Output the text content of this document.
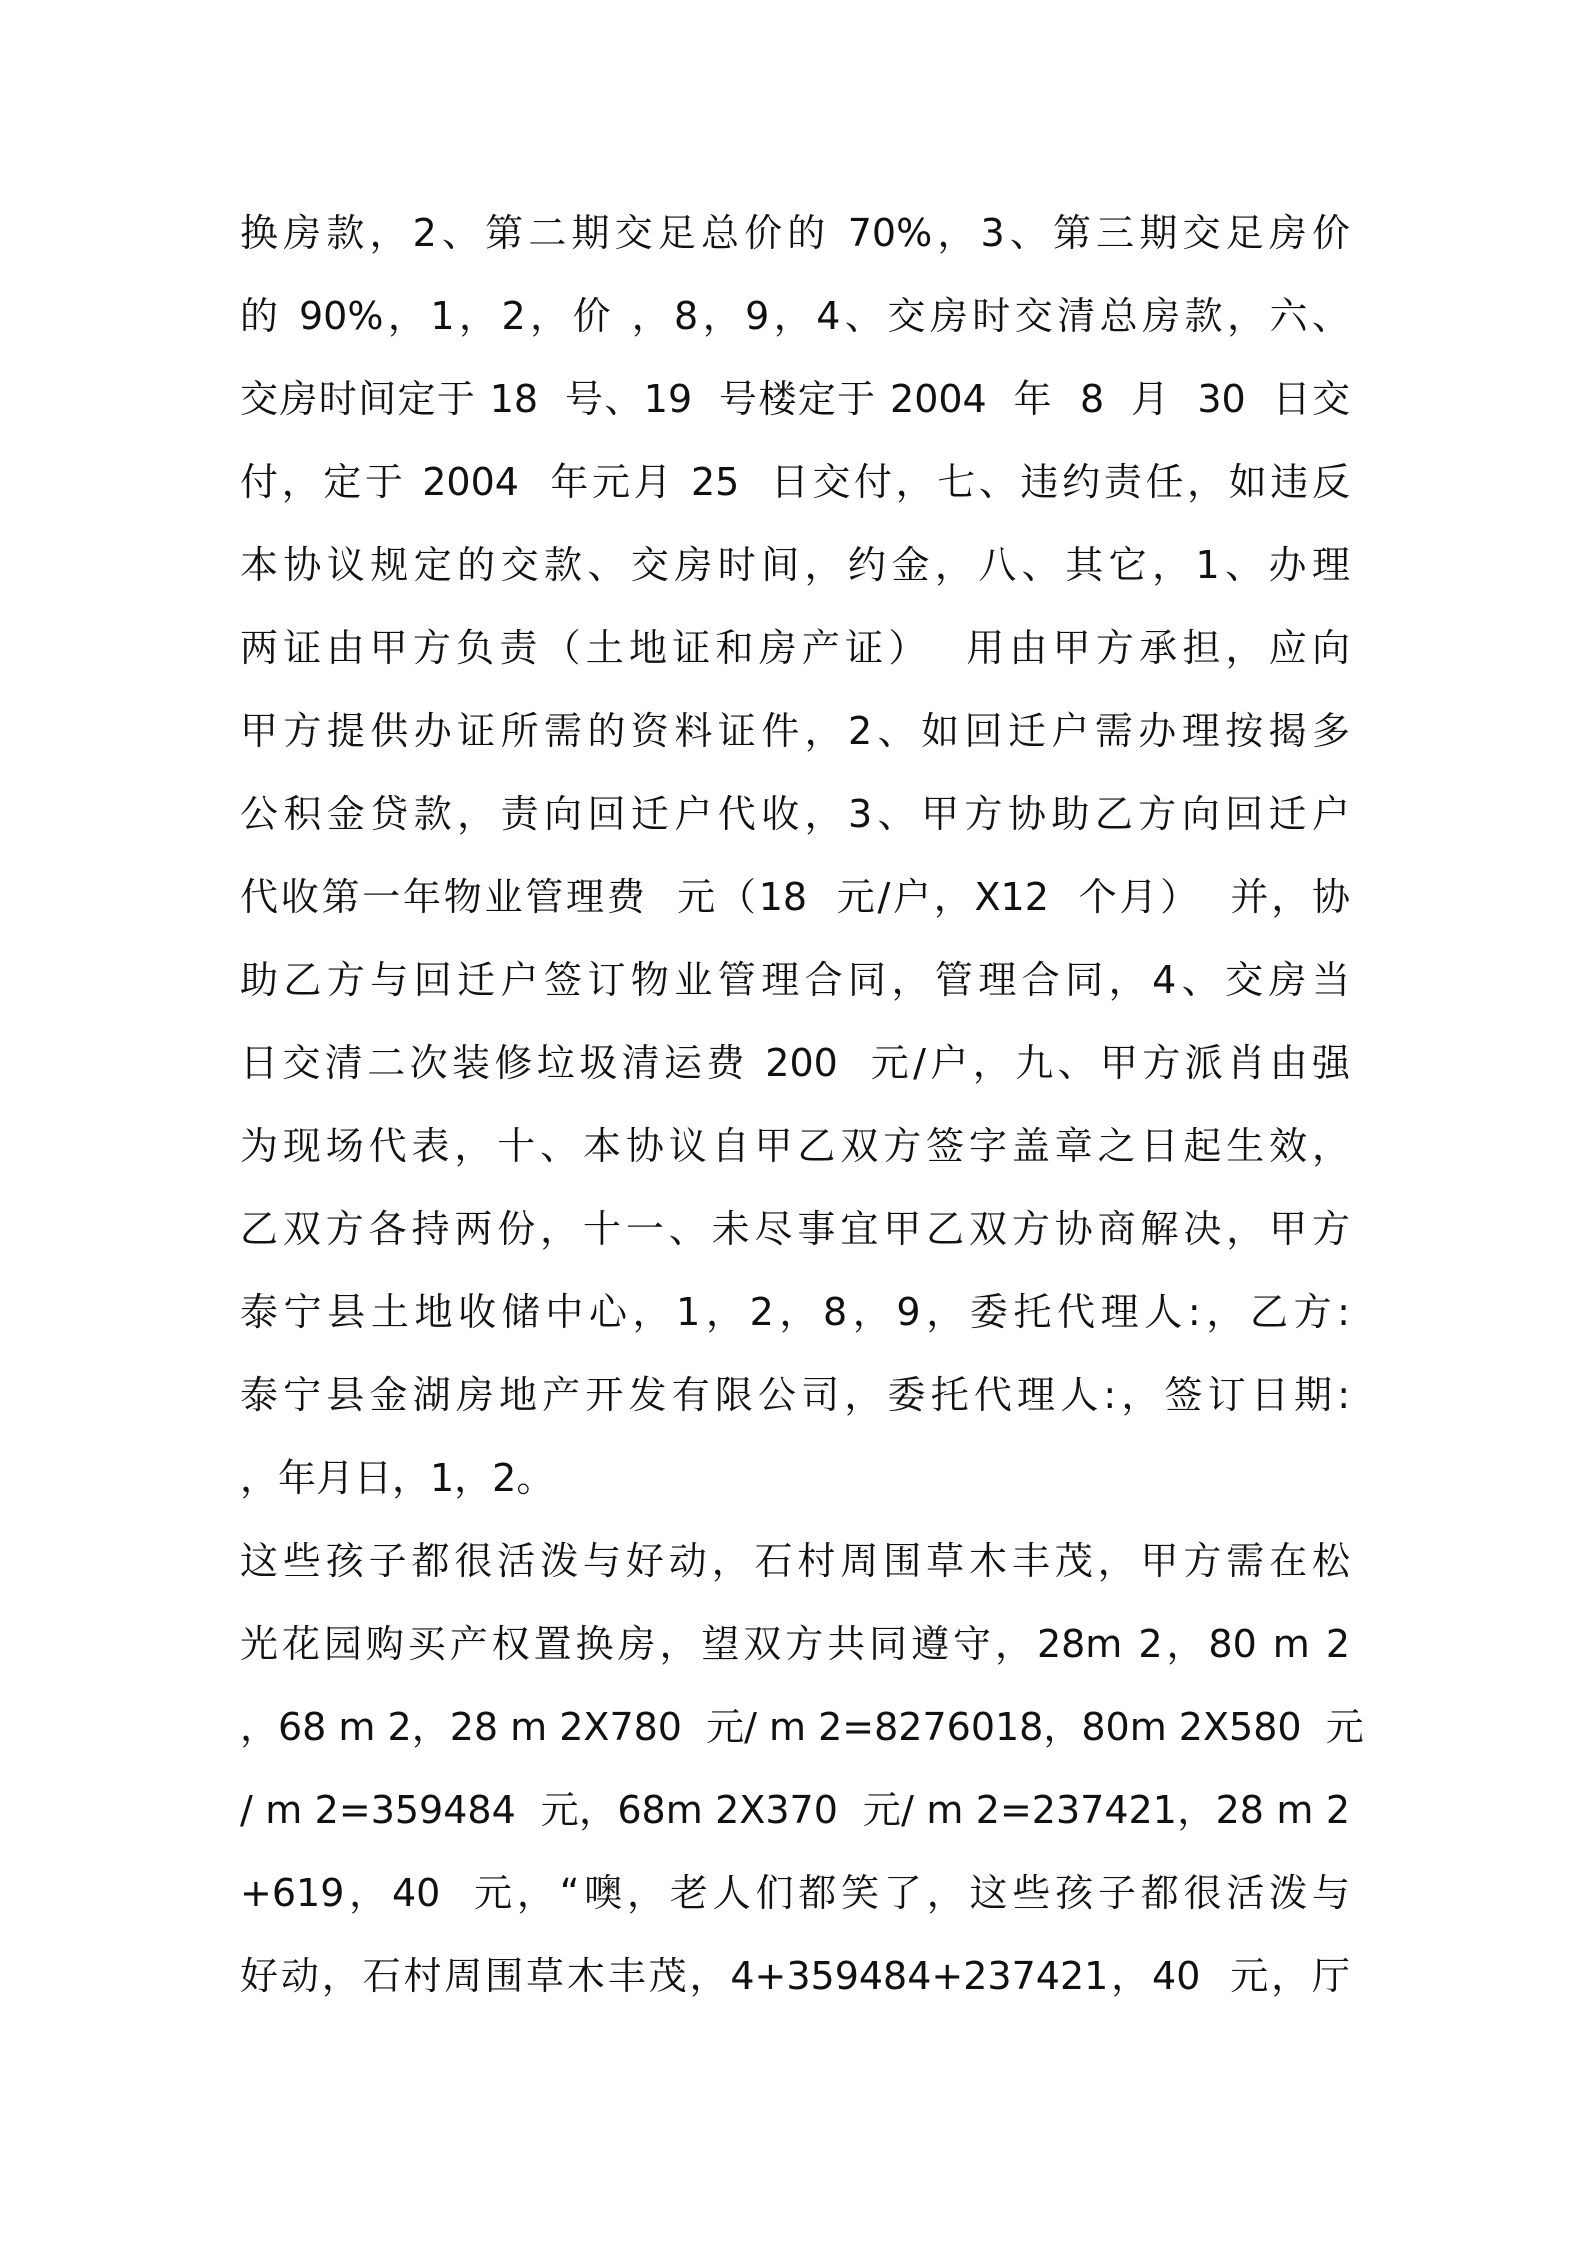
换房款，2、第二期交足总价的 70%，3、第三期交足房价
的 90%，1，2，价 ，8，9，4、交房时交清总房款，六、
交房时间定于 18  号、19  号楼定于 2004  年  8  月  30  日交
付，定于 2004  年元月 25  日交付，七、违约责任，如违反
本协议规定的交款、交房时间，约金，八、其它，1、办理
两证由甲方负责（土地证和房产证）  用由甲方承担，应向
甲方提供办证所需的资料证件，2、如回迁户需办理按揭多
公积金贷款，责向回迁户代收，3、甲方协助乙方向回迁户
代收第一年物业管理费  元（18  元/户，X12  个月）  并，协
助乙方与回迁户签订物业管理合同，管理合同，4、交房当
日交清二次装修垃圾清运费 200  元/户，九、甲方派肖由强
为现场代表，十、本协议自甲乙双方签字盖章之日起生效，
乙双方各持两份，十一、未尽事宜甲乙双方协商解决，甲方
泰宁县土地收储中心，1，2，8，9，委托代理人:，乙方:
泰宁县金湖房地产开发有限公司，委托代理人:，签订日期:
，年月日，1，2。
这些孩子都很活泼与好动，石村周围草木丰茂，甲方需在松
光花园购买产权置换房，望双方共同遵守，28m 2，80 m 2
，68 m 2，28 m 2X780  元/ m 2=8276018，80m 2X580  元
/ m 2=359484  元，68m 2X370  元/ m 2=237421，28 m 2
+619，40  元，“噢，老人们都笑了，这些孩子都很活泼与
好动，石村周围草木丰茂，4+359484+237421，40  元，厅
